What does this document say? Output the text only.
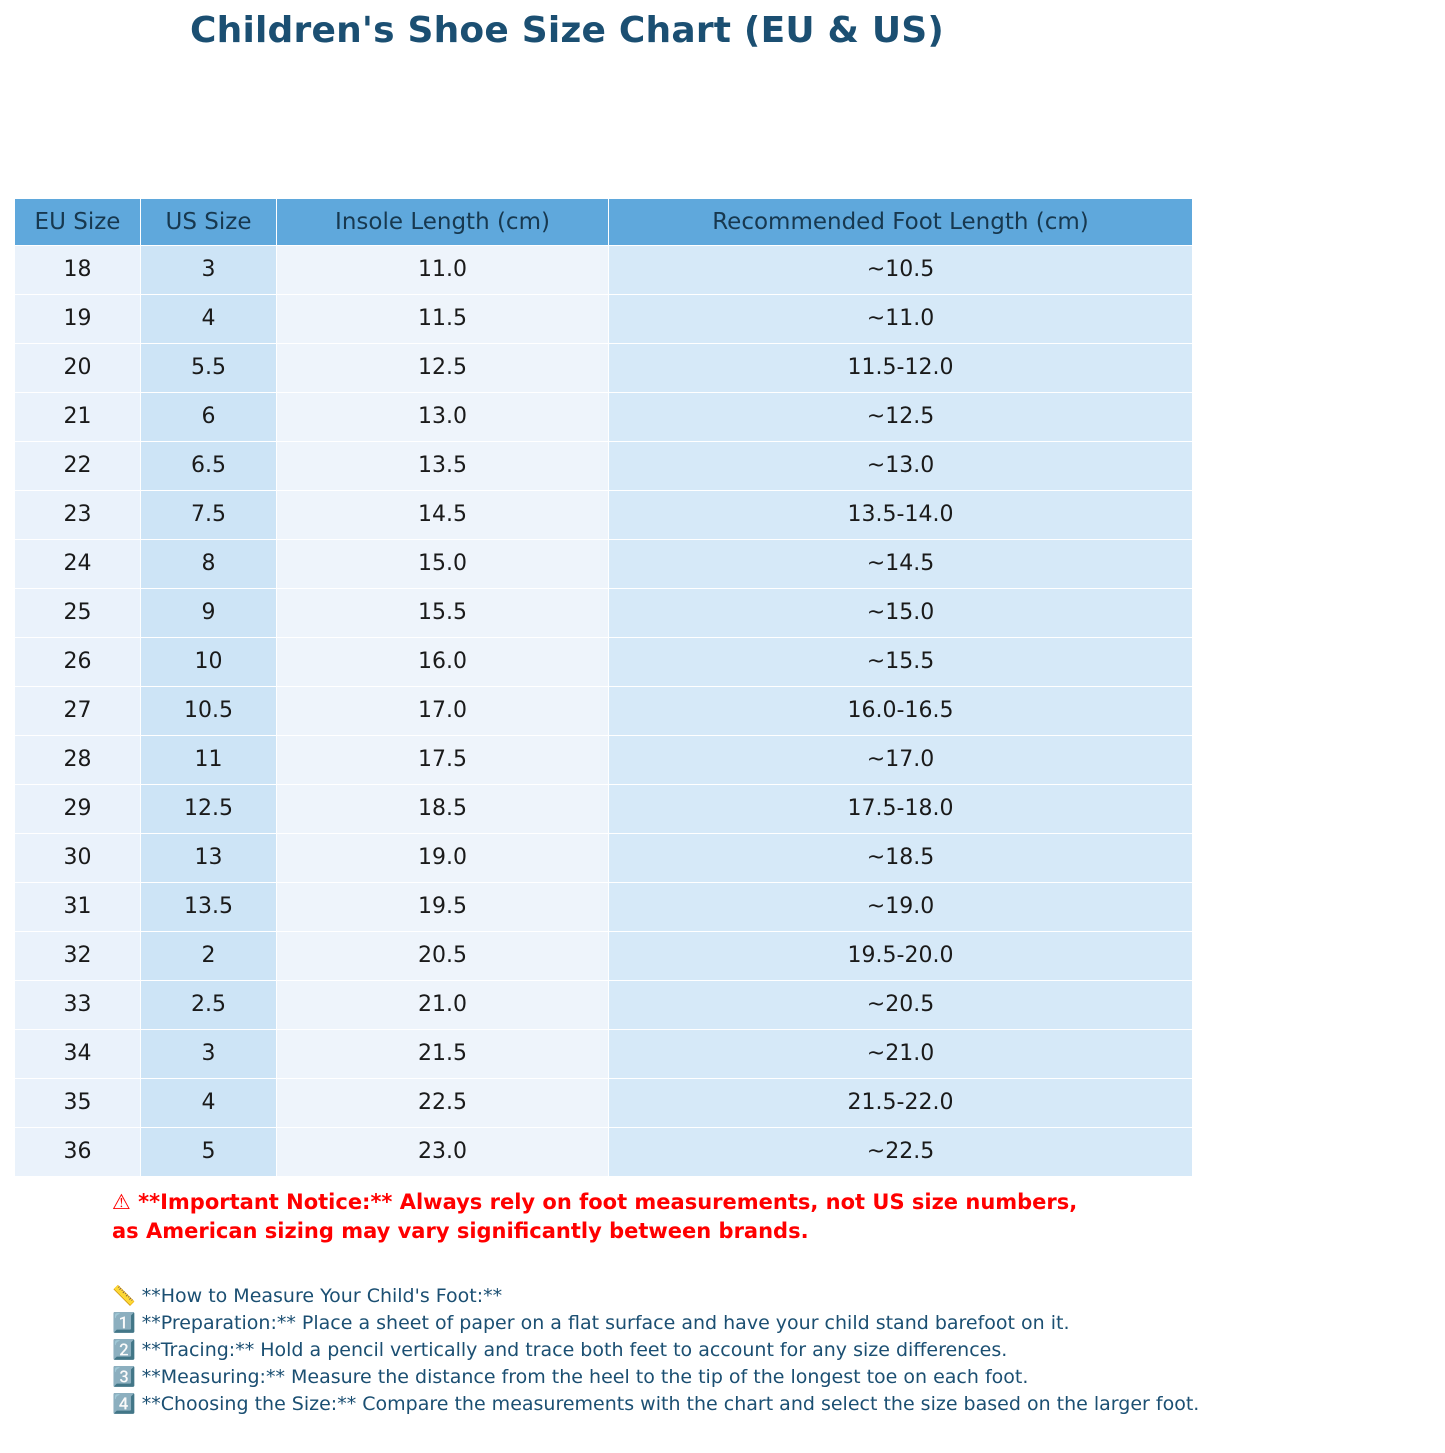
Children's Shoe Size Chart (EU & US)
EU Size	US Size	Insole Length (cm)	Recommended Foot Length (cm)
18	3	11.0	~10.5
19	4	11.5	~11.0
20	5.5	12.5	11.5-12.0
21	6	13.0	~12.5
22	6.5	13.5	~13.0
23	7.5	14.5	13.5-14.0
24	8	15.0	~14.5
25	9	15.5	~15.0
26	10	16.0	~15.5
27	10.5	17.0	16.0-16.5
28	11	17.5	~17.0
29	12.5	18.5	17.5-18.0
30	13	19.0	~18.5
31	13.5	19.5	~19.0
32	2	20.5	19.5-20.0
33	2.5	21.0	~20.5
34	3	21.5	~21.0
35	4	22.5	21.5-22.0
36	5	23.0	~22.5
⚠ **Important Notice:** Always rely on foot measurements, not US size numbers,
as American sizing may vary significantly between brands.
📏 **How to Measure Your Child's Foot:**
1️⃣ **Preparation:** Place a sheet of paper on a flat surface and have your child stand barefoot on it.
2️⃣ **Tracing:** Hold a pencil vertically and trace both feet to account for any size differences.
3️⃣ **Measuring:** Measure the distance from the heel to the tip of the longest toe on each foot.
4️⃣ **Choosing the Size:** Compare the measurements with the chart and select the size based on the larger foot.
